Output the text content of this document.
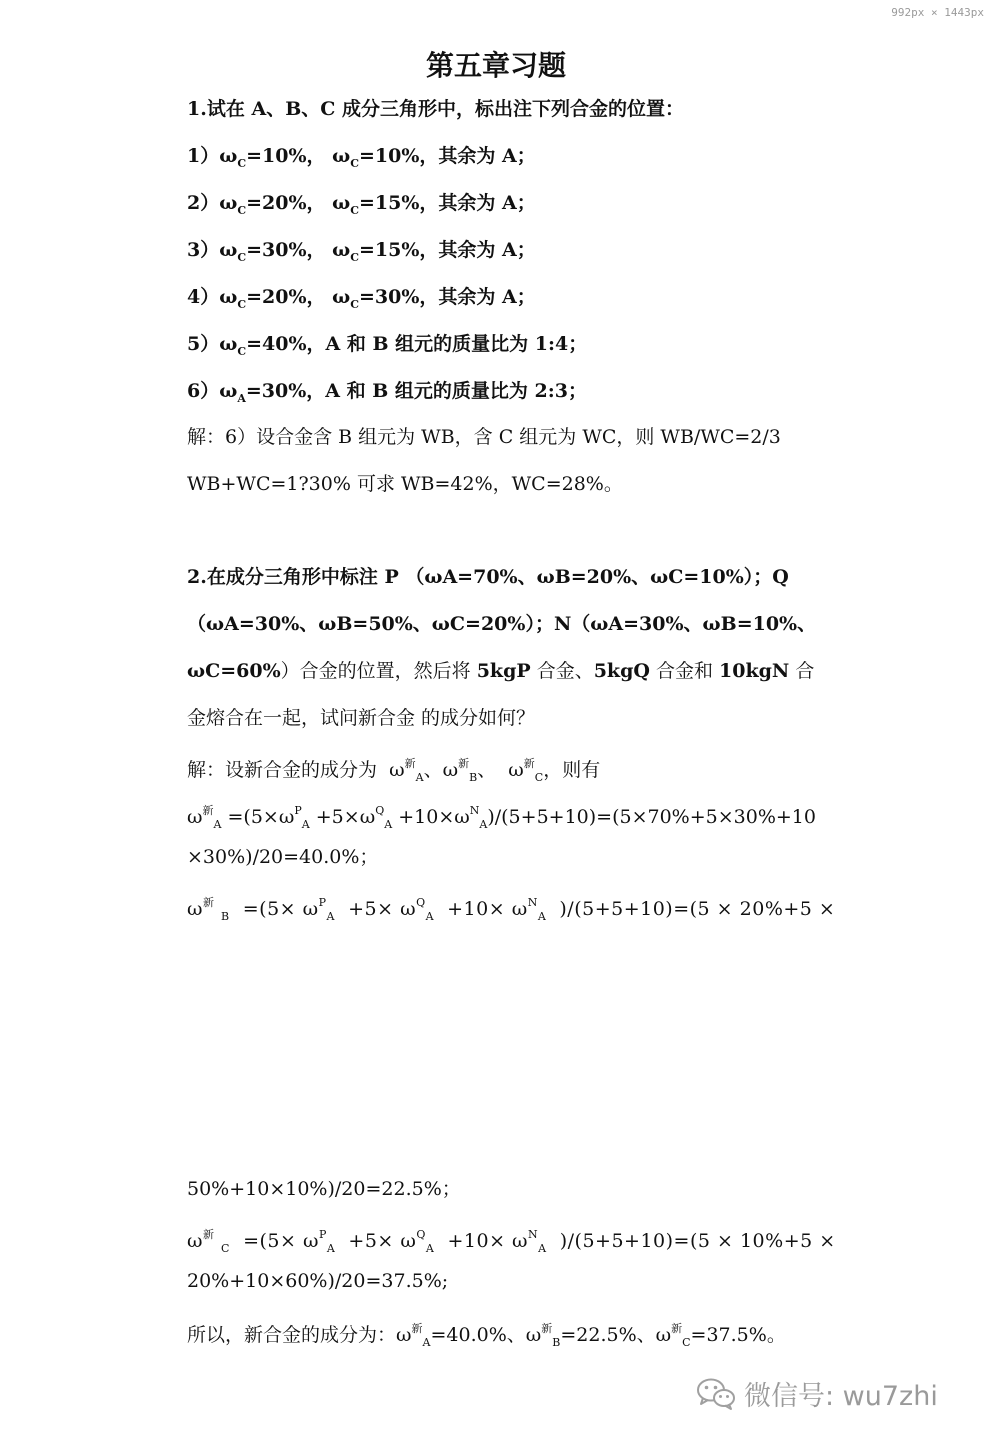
992px × 1443px
第五章习题
1.试在 A、B、C 成分三角形中，标出注下列合金的位置：
$1)\omega_C=10\%$， $\omega_C=10\%$，其余为 A；
$2)\omega_C=20\%$， $\omega_C=15\%$，其余为 A；
$3)\omega_C=30\%$， $\omega_C=15\%$，其余为 A；
$4)\omega_C=20\%$， $\omega_C=30\%$，其余为 A；
$5)\omega_C=40\%$，A 和 B 组元的质量比为 1:4；
$6)\omega_A=30\%$，A 和 B 组元的质量比为 2:3；
解：6）设合金含 B 组元为 WB，含 C 组元为 WC，则 WB/WC=2/3
WB+WC=1?30% 可求 WB=42%，WC=28%。
2.在成分三角形中标注 P （ωA=70%、ωB=20%、ωC=10%）；Q
（ωA=30%、ωB=50%、ωC=20%）；N（ωA=30%、ωB=10%、
ωC=60%）合金的位置，然后将 5kgP 合金、5kgQ 合金和 10kgN 合
金熔合在一起，试问新合金 的成分如何？
解：设新合金的成分为 $\omega^新_A$、$\omega^新_B$、 $\omega^新_C$，则有
$\omega^新_A =(5\times\omega^P_A +5\times\omega^Q_A +10\times\omega^N_A)/(5+5+10)=(5\times 70\%+5\times 30\%+10$
×30%)/20=40.0%；
$\omega^新$ $_B =(5\times \omega^P_A +5\times \omega^Q_A +10\times \omega^N_A$ )/(5+5+10)=(5 × 20%+5 ×
50%+10×10%)/20=22.5%；
$\omega^新$ $_C =(5\times \omega^P_A +5\times \omega^Q_A +10\times \omega^N_A$ )/(5+5+10)=(5 × 10%+5 ×
20%+10×60%)/20=37.5%;
所以，新合金的成分为：$\omega^新_A=40.0\%$、$\omega^新_B=22.5\%$、$\omega^新_C=37.5\%$。
微信号: wu7zhi
